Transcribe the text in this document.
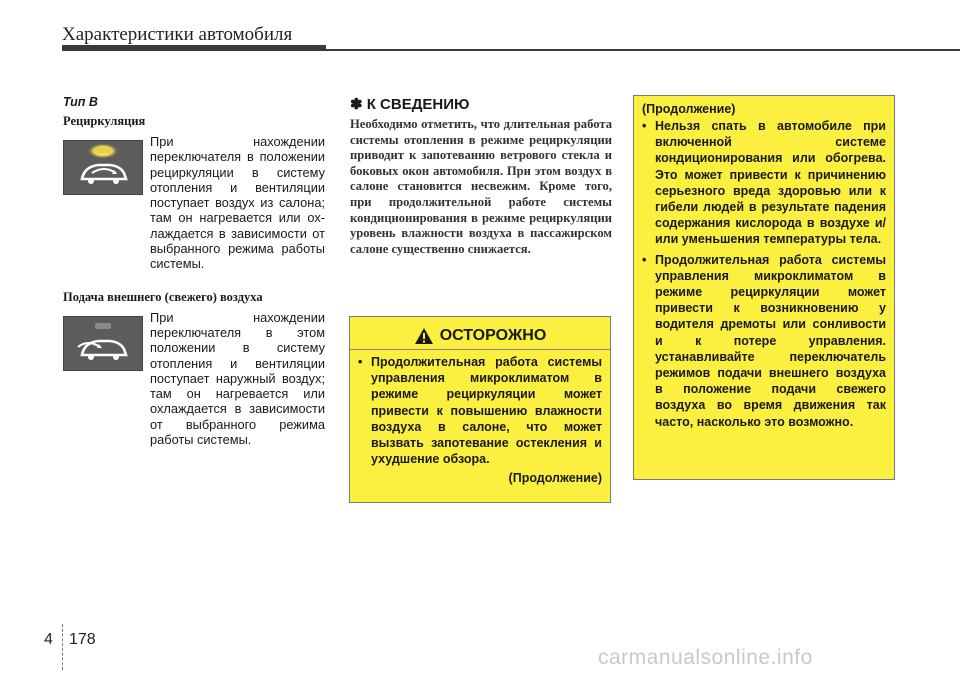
Характеристики автомобиля

Тип B

Рециркуляция

При нахождении переключателя в положении рециркуляции в систему отопления и вентиляции поступает воздух из салона; там он нагревается или ох-лаждается в зависимости от выбранного режима работы системы.

Подача внешнего (свежего) воздуха

При нахождении переключателя в этом положении в систему отопления и вентиляции поступает наружный воздух; там он нагревается или охлаждается в зависимости от выбранного режима работы системы.

✽ К СВЕДЕНИЮ

Необходимо отметить, что длительная работа системы отопления в режиме рециркуляции приводит к запотеванию ветрового стекла и боковых окон автомобиля. При этом воздух в салоне становится несвежим. Кроме того, при продолжительной работе системы кондиционирования в режиме рециркуляции уровень влажности воздуха в пассажирском салоне существенно снижается.

ОСТОРОЖНО

• Продолжительная работа системы управления микроклиматом в режиме рециркуляции может привести к повышению влажности воздуха в салоне, что может вызвать запотевание остекления и ухудшение обзора.

(Продолжение)

(Продолжение)

• Нельзя спать в автомобиле при включенной системе кондиционирования или обогрева. Это может привести к причинению серьезного вреда здоровью или к гибели людей в результате падения содержания кислорода в воздухе и/или уменьшения температуры тела.

• Продолжительная работа системы управления микроклиматом в режиме рециркуляции может привести к возникновению у водителя дремоты или сонливости и к потере управления. устанавливайте переключатель режимов подачи внешнего воздуха в положение подачи свежего воздуха во время движения так часто, насколько это возможно.

4 178
carmanualsonline.info
